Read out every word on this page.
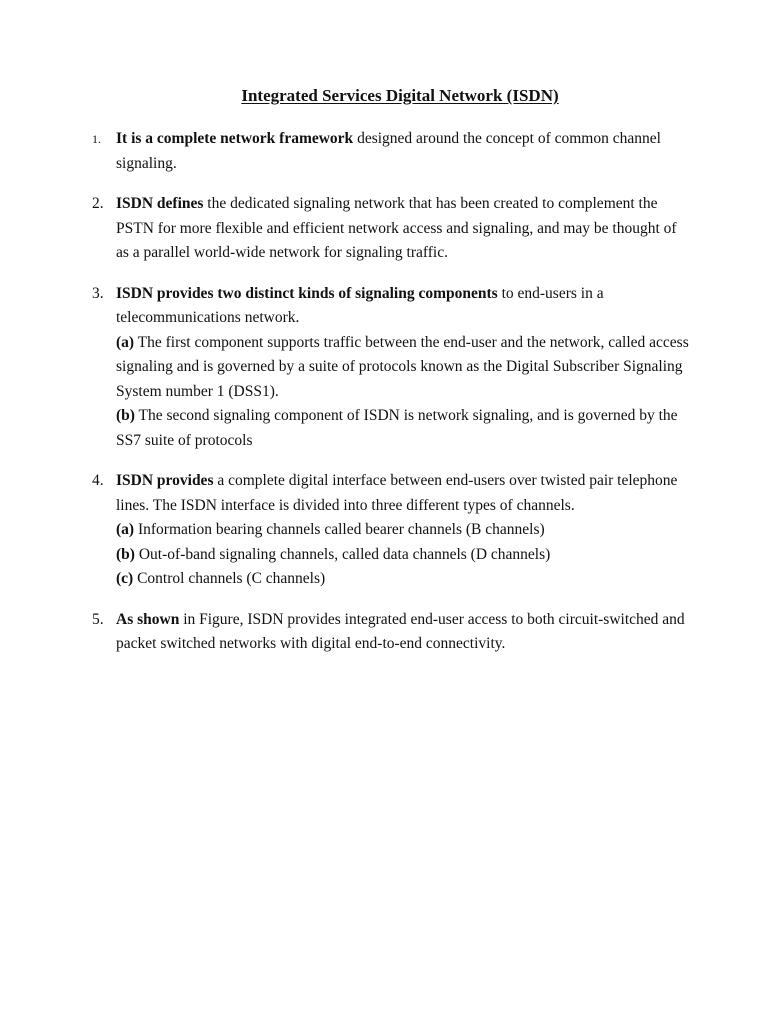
Integrated Services Digital Network (ISDN)
1. It is a complete network framework designed around the concept of common channel signaling.
2. ISDN defines the dedicated signaling network that has been created to complement the PSTN for more flexible and efficient network access and signaling, and may be thought of as a parallel world-wide network for signaling traffic.
3. ISDN provides two distinct kinds of signaling components to end-users in a telecommunications network.
(a) The first component supports traffic between the end-user and the network, called access signaling and is governed by a suite of protocols known as the Digital Subscriber Signaling System number 1 (DSS1).
(b) The second signaling component of ISDN is network signaling, and is governed by the SS7 suite of protocols
4. ISDN provides a complete digital interface between end-users over twisted pair telephone lines. The ISDN interface is divided into three different types of channels.
(a) Information bearing channels called bearer channels (B channels)
(b) Out-of-band signaling channels, called data channels (D channels)
(c) Control channels (C channels)
5. As shown in Figure, ISDN provides integrated end-user access to both circuit-switched and packet switched networks with digital end-to-end connectivity.
